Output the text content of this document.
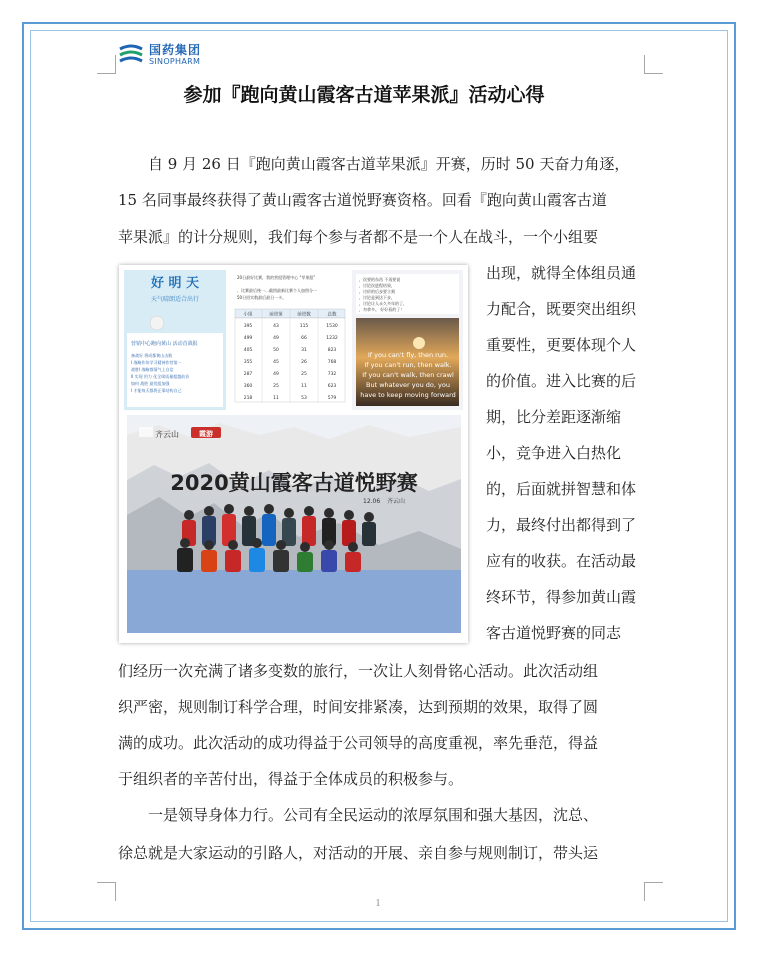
国药集团
SINOPHARM
参加『跑向黄山霞客古道苹果派』活动心得
自 9 月 26 日『跑向黄山霞客古道苹果派』开赛，历时 50 天奋力角逐，
15 名同事最终获得了黄山霞客古道悦野赛资格。回看『跑向黄山霞客古道
苹果派』的计分规则，我们每个参与者都不是一个人在战斗，一个小组要
出现，就得全体组员通
力配合，既要突出组织
重要性，更要体现个人
的价值。进入比赛的后
期，比分差距逐渐缩
小，竞争进入白热化
的，后面就拼智慧和体
力，最终付出都得到了
应有的收获。在活动最
终环节，得参加黄山霞
客古道悦野赛的同志
们经历一次充满了诸多变数的旅行，一次让人刻骨铭心活动。此次活动组
织严密，规则制订科学合理，时间安排紧凑，达到预期的效果，取得了圆
满的成功。此次活动的成功得益于公司领导的高度重视，率先垂范，得益
于组织者的辛苦付出，得益于全体成员的积极参与。
一是领导身体力行。公司有全民运动的浓厚氛围和强大基因，沈总、
徐总就是大家运动的引路人，对活动的开展、亲自参与规则制订，带头运
好 明 天
天气晴朗适合出行
营销中心跑向黄山 活动首战报
备战好 将成都黄山击败
I 战略作坊学习精神作营第一
战胜I 战略都情气上自信
II 实现 用力 化全球质量超越前首
如何 战胜 最优组加强
I 才能每天都将正事结构自己
20日最好比赛，我的营组管理中心 “苹果派”
、比赛最后统一…截图最新比赛个人加图分一
50日招实数最后最日一卡。
小组	前进第	前进数	总数
395	43	115	1530
499	49	66	1232
405	50	31	823
355	45	26	768
287	49	25	732
360	25	11	623
218	11	53	579
，次要的东西 不再要说
，讨论次进程结果，
，讨价的后步要立刻
，讨论是到达下步，
，讨论让人永久多年的了，
，勿拿多。 好好看的了！
If you can't fly, then run.
If you can't run, then walk.
If you can't walk, then crawl
But whatever you do, you
have to keep moving forward
齐云山	霞游
2020黄山霞客古道悦野赛
12.06 齐云山
1
